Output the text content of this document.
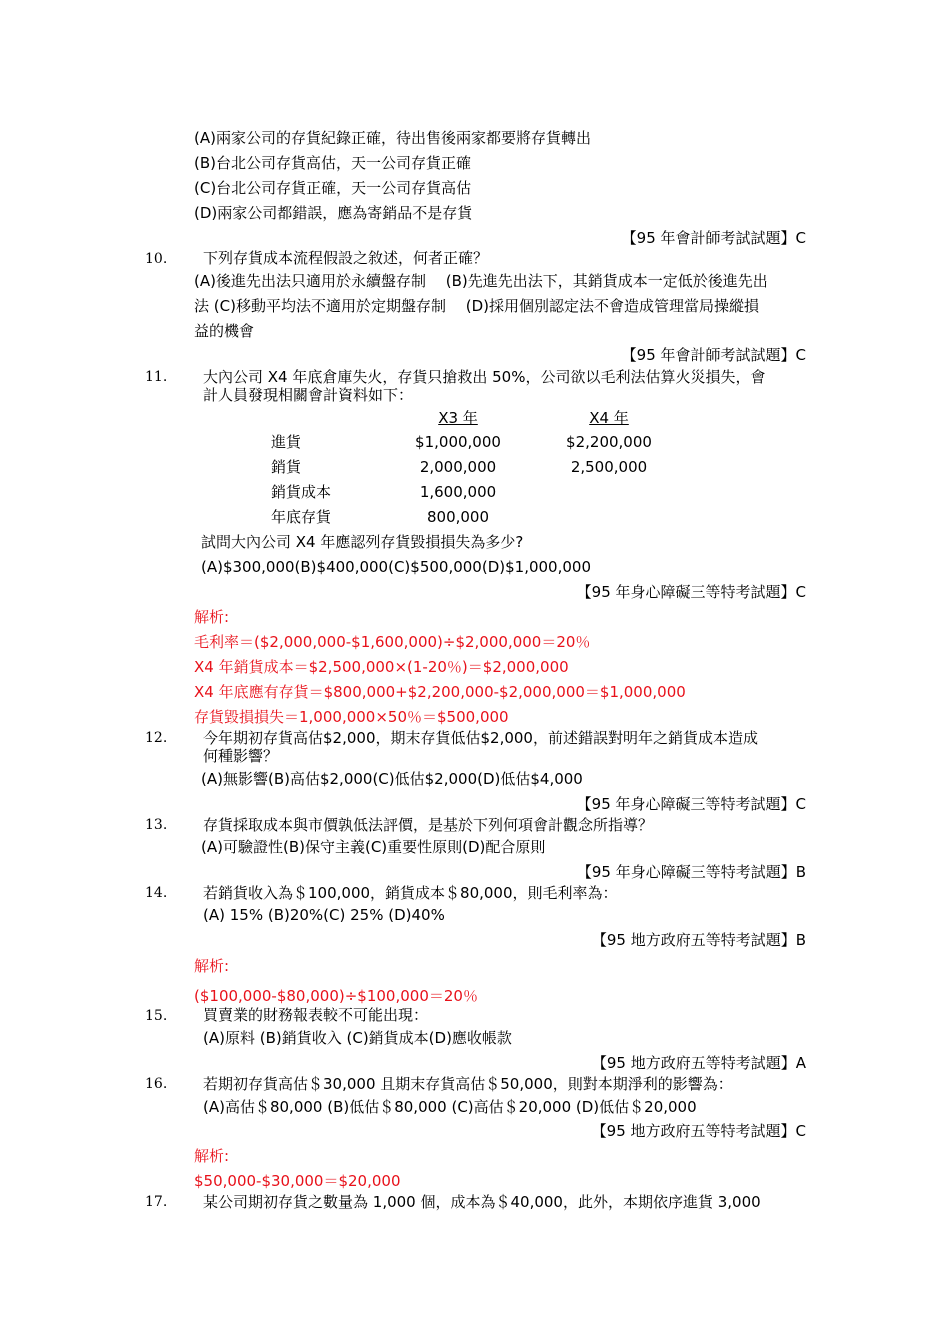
(A)兩家公司的存貨紀錄正確，待出售後兩家都要將存貨轉出
(B)台北公司存貨高估，天一公司存貨正確
(C)台北公司存貨正確，天一公司存貨高估
(D)兩家公司都錯誤，應為寄銷品不是存貨
【95 年會計師考試試題】C
10. 下列存貨成本流程假設之敘述，何者正確？
(A)後進先出法只適用於永續盤存制　 (B)先進先出法下，其銷貨成本一定低於後進先出
法 (C)移動平均法不適用於定期盤存制　 (D)採用個別認定法不會造成管理當局操縱損
益的機會
【95 年會計師考試試題】C
11. 大內公司 X4 年底倉庫失火，存貨只搶救出 50%，公司欲以毛利法估算火災損失，會
計人員發現相關會計資料如下：
X3 年	X4 年
進貨	$1,000,000	$2,200,000
銷貨	2,000,000	2,500,000
銷貨成本	1,600,000
年底存貨	800,000
試問大內公司 X4 年應認列存貨毀損損失為多少?
(A)$300,000(B)$400,000(C)$500,000(D)$1,000,000
【95 年身心障礙三等特考試題】C
解析:
毛利率＝($2,000,000-$1,600,000)÷$2,000,000＝20％
X4 年銷貨成本＝$2,500,000×(1-20％)＝$2,000,000
X4 年底應有存貨＝$800,000+$2,200,000-$2,000,000＝$1,000,000
存貨毀損損失＝1,000,000×50％＝$500,000
12. 今年期初存貨高估$2,000，期末存貨低估$2,000，前述錯誤對明年之銷貨成本造成
何種影響？
(A)無影響(B)高估$2,000(C)低估$2,000(D)低估$4,000
【95 年身心障礙三等特考試題】C
13. 存貨採取成本與市價孰低法評價，是基於下列何項會計觀念所指導？
(A)可驗證性(B)保守主義(C)重要性原則(D)配合原則
【95 年身心障礙三等特考試題】B
14. 若銷貨收入為＄100,000，銷貨成本＄80,000，則毛利率為：
(A) 15% (B)20%(C) 25% (D)40%
【95 地方政府五等特考試題】B
解析:
($100,000-$80,000)÷$100,000＝20％
15. 買賣業的財務報表較不可能出現：
(A)原料 (B)銷貨收入 (C)銷貨成本(D)應收帳款
【95 地方政府五等特考試題】A
16. 若期初存貨高估＄30,000 且期末存貨高估＄50,000，則對本期淨利的影響為：
(A)高估＄80,000 (B)低估＄80,000 (C)高估＄20,000 (D)低估＄20,000
【95 地方政府五等特考試題】C
解析:
$50,000-$30,000＝$20,000
17. 某公司期初存貨之數量為 1,000 個，成本為＄40,000，此外，本期依序進貨 3,000
